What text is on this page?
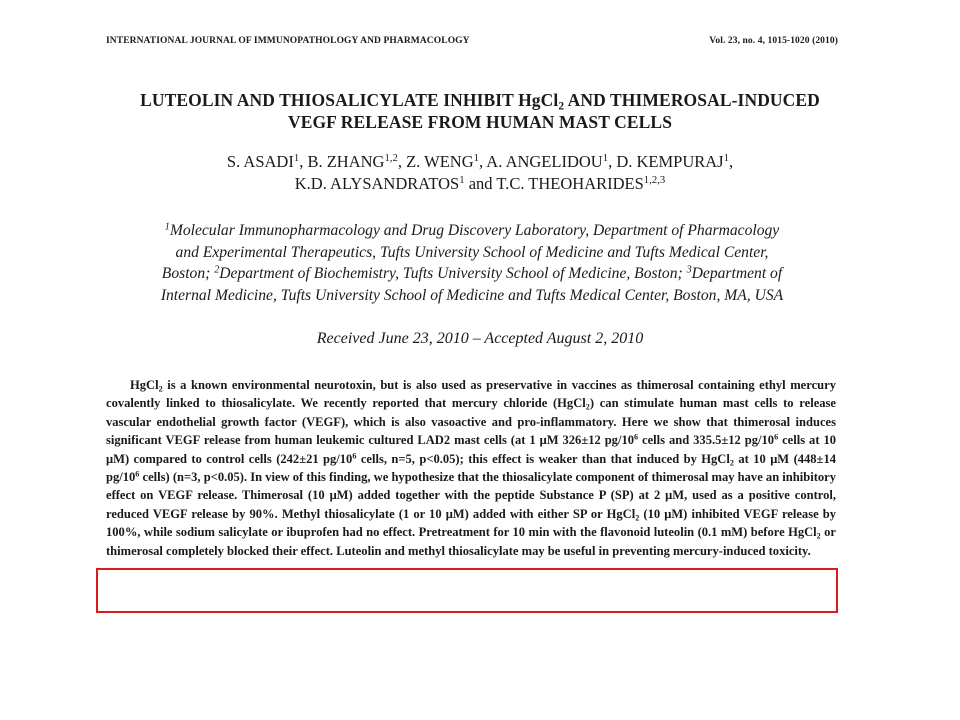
INTERNATIONAL JOURNAL OF IMMUNOPATHOLOGY AND PHARMACOLOGY	Vol. 23, no. 4, 1015-1020 (2010)
LUTEOLIN AND THIOSALICYLATE INHIBIT HgCl$_2$ AND THIMEROSAL-INDUCED
VEGF RELEASE FROM HUMAN MAST CELLS
S. ASADI$^1$, B. ZHANG$^{1,2}$, Z. WENG$^1$, A. ANGELIDOU$^1$, D. KEMPURAJ$^1$,
K.D. ALYSANDRATOS$^1$ and T.C. THEOHARIDES$^{1,2,3}$
$^1$Molecular Immunopharmacology and Drug Discovery Laboratory, Department of Pharmacology
and Experimental Therapeutics, Tufts University School of Medicine and Tufts Medical Center,
Boston; $^2$Department of Biochemistry, Tufts University School of Medicine, Boston; $^3$Department of
Internal Medicine, Tufts University School of Medicine and Tufts Medical Center, Boston, MA, USA
Received June 23, 2010 – Accepted August 2, 2010

HgCl$_2$ is a known environmental neurotoxin, but is also used as preservative in vaccines as thimerosal containing ethyl mercury covalently linked to thiosalicylate. We recently reported that mercury chloride (HgCl$_2$) can stimulate human mast cells to release vascular endothelial growth factor (VEGF), which is also vasoactive and pro-inflammatory. Here we show that thimerosal induces significant VEGF release from human leukemic cultured LAD2 mast cells (at 1 μM 326±12 $pg/10^6$ cells and 335.5±12 $pg/10^6$ cells at 10 μM) compared to control cells (242±21 $pg/10^6$ cells, n=5, p<0.05); this effect is weaker than that induced by HgCl$_2$ at 10 μM (448±14 $pg/10^6$ cells) (n=3, p<0.05). In view of this finding, we hypothesize that the thiosalicylate component of thimerosal may have an inhibitory effect on VEGF release. Thimerosal (10 μM) added together with the peptide Substance P (SP) at 2 μM, used as a positive control, reduced VEGF release by 90%. Methyl thiosalicylate (1 or 10 μM) added with either SP or HgCl$_2$ (10 μM) inhibited VEGF release by 100%, while sodium salicylate or ibuprofen had no effect. Pretreatment for 10 min with the flavonoid luteolin (0.1 mM) before HgCl$_2$ or thimerosal completely blocked their effect. Luteolin and methyl thiosalicylate may be useful in preventing mercury-induced toxicity.
